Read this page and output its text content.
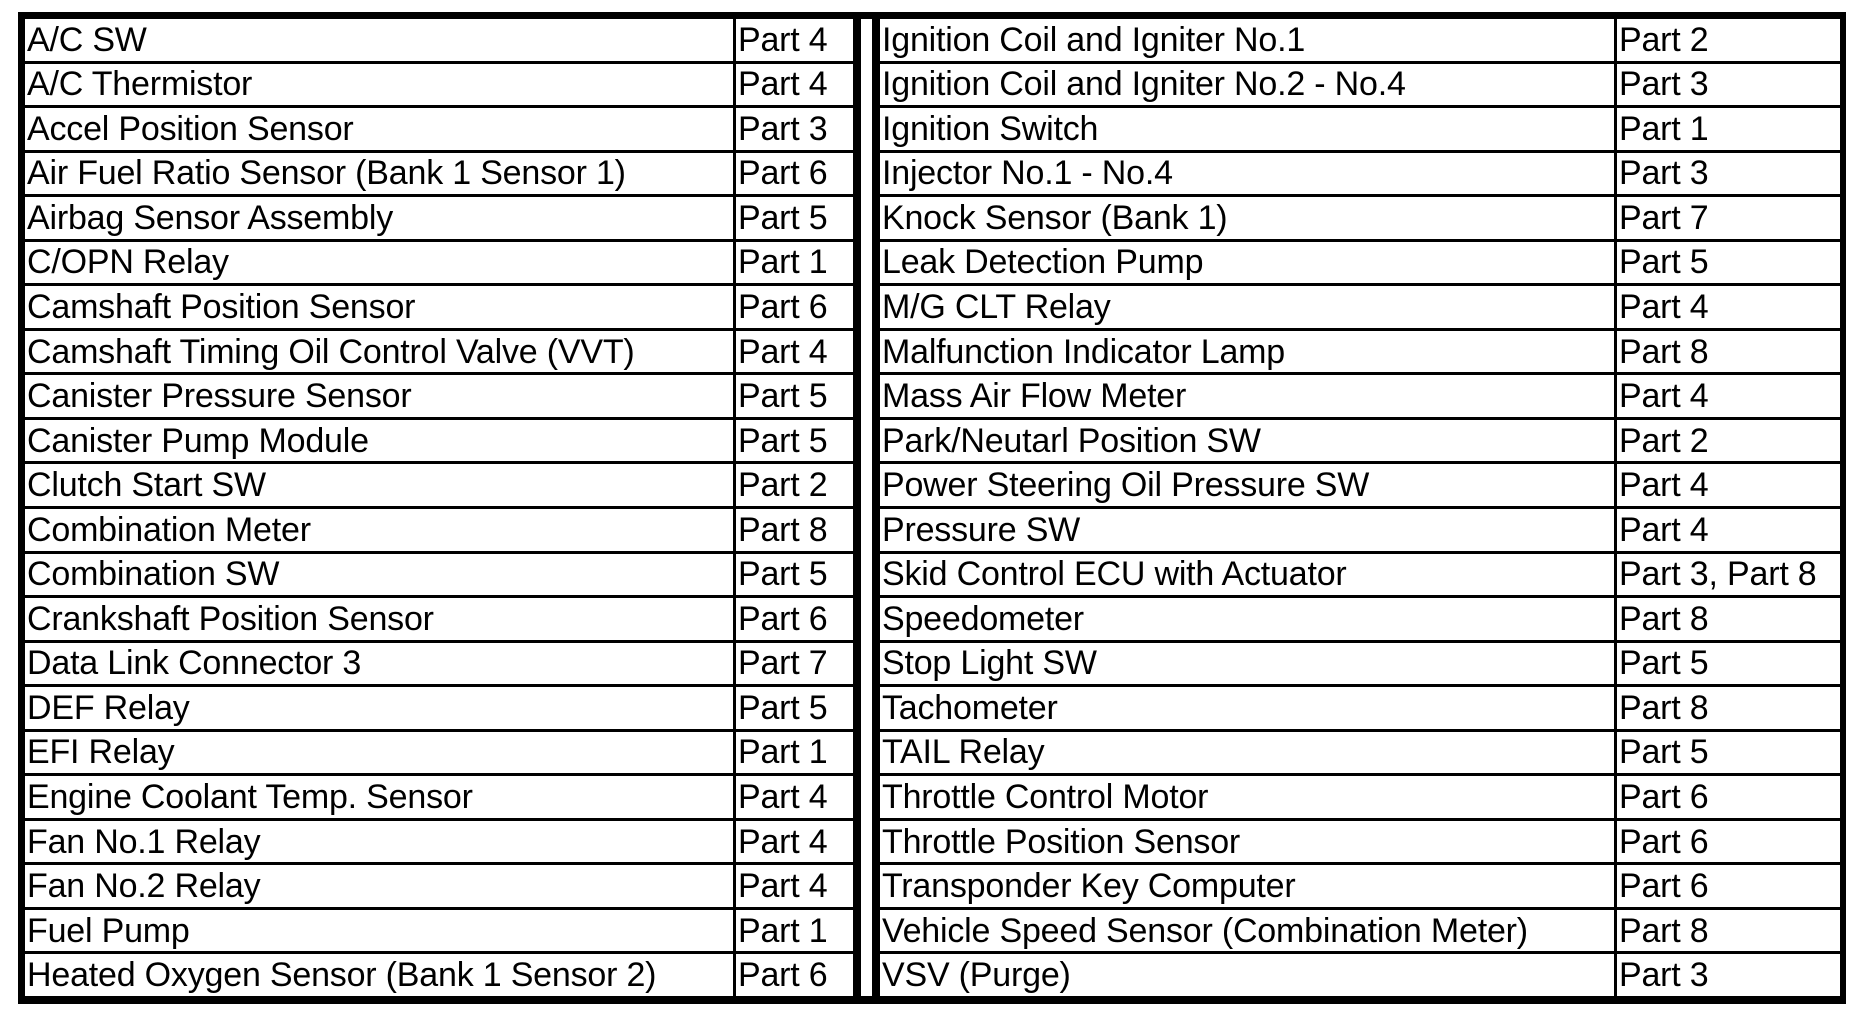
A/C SW	Part 4
A/C Thermistor	Part 4
Accel Position Sensor	Part 3
Air Fuel Ratio Sensor (Bank 1 Sensor 1)	Part 6
Airbag Sensor Assembly	Part 5
C/OPN Relay	Part 1
Camshaft Position Sensor	Part 6
Camshaft Timing Oil Control Valve (VVT)	Part 4
Canister Pressure Sensor	Part 5
Canister Pump Module	Part 5
Clutch Start SW	Part 2
Combination Meter	Part 8
Combination SW	Part 5
Crankshaft Position Sensor	Part 6
Data Link Connector 3	Part 7
DEF Relay	Part 5
EFI Relay	Part 1
Engine Coolant Temp. Sensor	Part 4
Fan No.1 Relay	Part 4
Fan No.2 Relay	Part 4
Fuel Pump	Part 1
Heated Oxygen Sensor (Bank 1 Sensor 2)	Part 6
Ignition Coil and Igniter No.1	Part 2
Ignition Coil and Igniter No.2 - No.4	Part 3
Ignition Switch	Part 1
Injector No.1 - No.4	Part 3
Knock Sensor (Bank 1)	Part 7
Leak Detection Pump	Part 5
M/G CLT Relay	Part 4
Malfunction Indicator Lamp	Part 8
Mass Air Flow Meter	Part 4
Park/Neutarl Position SW	Part 2
Power Steering Oil Pressure SW	Part 4
Pressure SW	Part 4
Skid Control ECU with Actuator	Part 3, Part 8
Speedometer	Part 8
Stop Light SW	Part 5
Tachometer	Part 8
TAIL Relay	Part 5
Throttle Control Motor	Part 6
Throttle Position Sensor	Part 6
Transponder Key Computer	Part 6
Vehicle Speed Sensor (Combination Meter)	Part 8
VSV (Purge)	Part 3
